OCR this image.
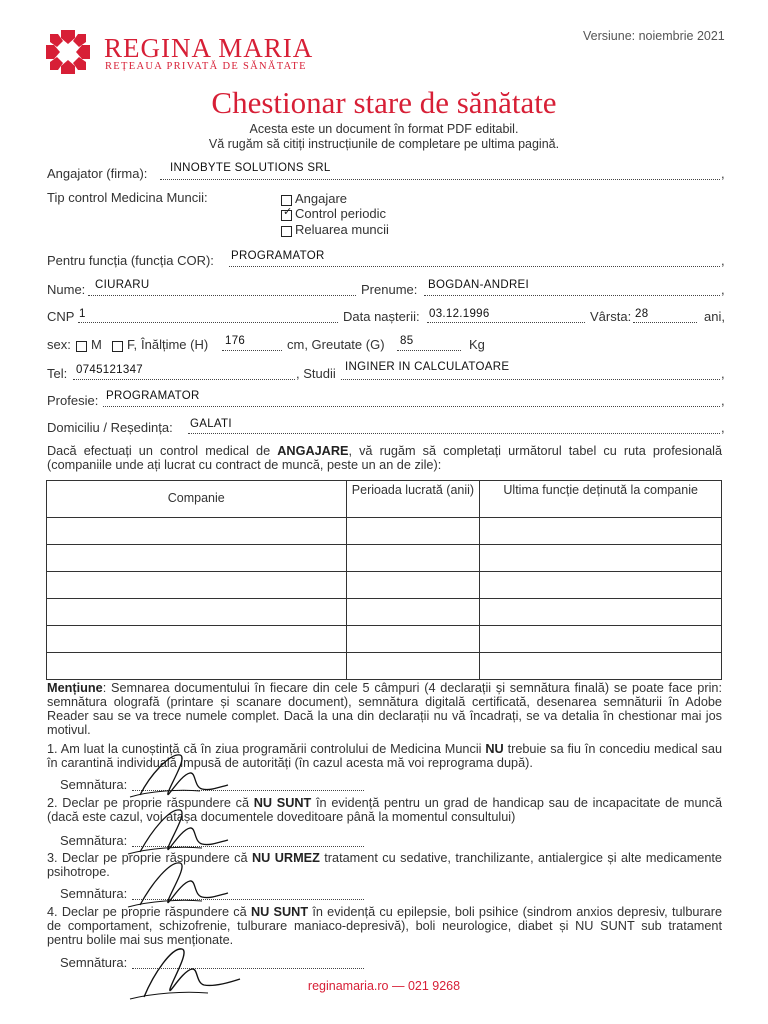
Versiune: noiembrie 2021
REGINA MARIA
REȚEAUA PRIVATĂ DE SĂNĂTATE
Chestionar stare de sănătate
Acesta este un document în format PDF editabil.
Vă rugăm să citiți instrucțiunile de completare pe ultima pagină.
Angajator (firma): INNOBYTE SOLUTIONS SRL	,
Tip control Medicina Muncii:	Angajare
✓ Control periodic
Reluarea muncii
Pentru funcția (funcția COR): PROGRAMATOR	,
Nume: CIURARU	Prenume: BOGDAN-ANDREI	,
CNP 1	Data nașterii: 03.12.1996	Vârsta: 28	ani,
sex: M F, Înălțime (H) 176	cm, Greutate (G) 85	Kg
Tel: 0745121347	, Studii INGINER IN CALCULATOARE	,
Profesie: PROGRAMATOR	,
Domiciliu / Reședința: GALATI	,
Dacă efectuați un control medical de ANGAJARE, vă rugăm să completați următorul tabel cu ruta profesională (companiile unde ați lucrat cu contract de muncă, peste un an de zile):
Companie	Perioada lucrată (anii)	Ultima funcție deținută la companie

Mențiune: Semnarea documentului în fiecare din cele 5 câmpuri (4 declarații și semnătura finală) se poate face prin: semnătura olografă (printare și scanare document), semnătura digitală certificată, desenarea semnăturii în Adobe Reader sau se va trece numele complet. Dacă la una din declarații nu vă încadrați, se va detalia în chestionar mai jos motivul.
1. Am luat la cunoștință că în ziua programării controlului de Medicina Muncii NU trebuie sa fiu în concediu medical sau în carantină individuală impusă de autorități (în cazul acesta mă voi reprograma după).
Semnătura:
2. Declar pe proprie răspundere că NU SUNT în evidență pentru un grad de handicap sau de incapacitate de muncă (dacă este cazul, voi atașa documentele doveditoare până la momentul consultului)
Semnătura:
3. Declar pe proprie răspundere că NU URMEZ tratament cu sedative, tranchilizante, antialergice și alte medicamente psihotrope.
Semnătura:
4. Declar pe proprie răspundere că NU SUNT în evidență cu epilepsie, boli psihice (sindrom anxios depresiv, tulburare de comportament, schizofrenie, tulburare maniaco-depresivă), boli neurologice, diabet și NU SUNT sub tratament pentru bolile mai sus menționate.
Semnătura:
reginamaria.ro — 021 9268
